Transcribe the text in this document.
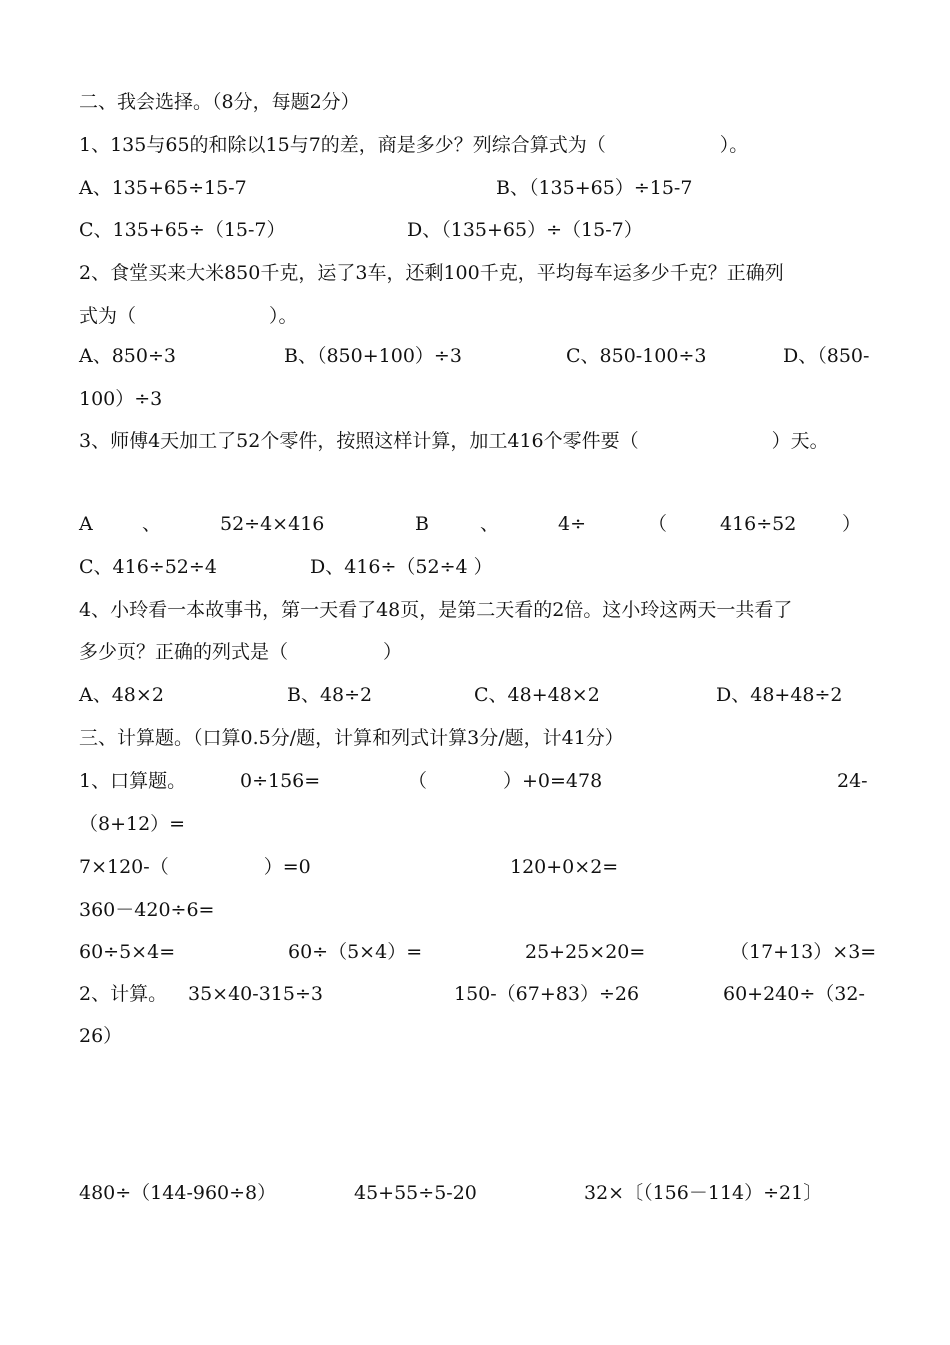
二、我会选择。（8分，每题2分）
1、135与65的和除以15与7的差，商是多少？列综合算式为（　　　　　　）。
A、135+65÷15-7	B、（135+65）÷15-7
C、135+65÷（15-7）	D、（135+65）÷（15-7）
2、食堂买来大米850千克，运了3车，还剩100千克，平均每车运多少千克？正确列
式为（　　　　　　　）。
A、850÷3	B、（850+100）÷3	C、850-100÷3	D、（850-
100）÷3
3、师傅4天加工了52个零件，按照这样计算，加工416个零件要（　　　　　　　）天。
A	、	52÷4×416	B	、	4÷	（	416÷52 ）
C、416÷52÷4	D、416÷（52÷4 ）
4、小玲看一本故事书，第一天看了48页，是第二天看的2倍。这小玲这两天一共看了
多少页？正确的列式是（　　　　　）
A、48×2	B、48÷2	C、48+48×2	D、48+48÷2
三、计算题。（口算0.5分/题，计算和列式计算3分/题，计41分）
1、口算题。	0÷156=	（　　　　）+0=478	24-
（8+12）=
7×120-（　　　　　）=0	120+0×2=
360－420÷6=
60÷5×4=	60÷（5×4）=	25+25×20=	（17+13）×3=
2、计算。 35×40-315÷3	150-（67+83）÷26	60+240÷（32-
26）
480÷（144-960÷8）	45+55÷5-20	32×〔（156－114）÷21〕
